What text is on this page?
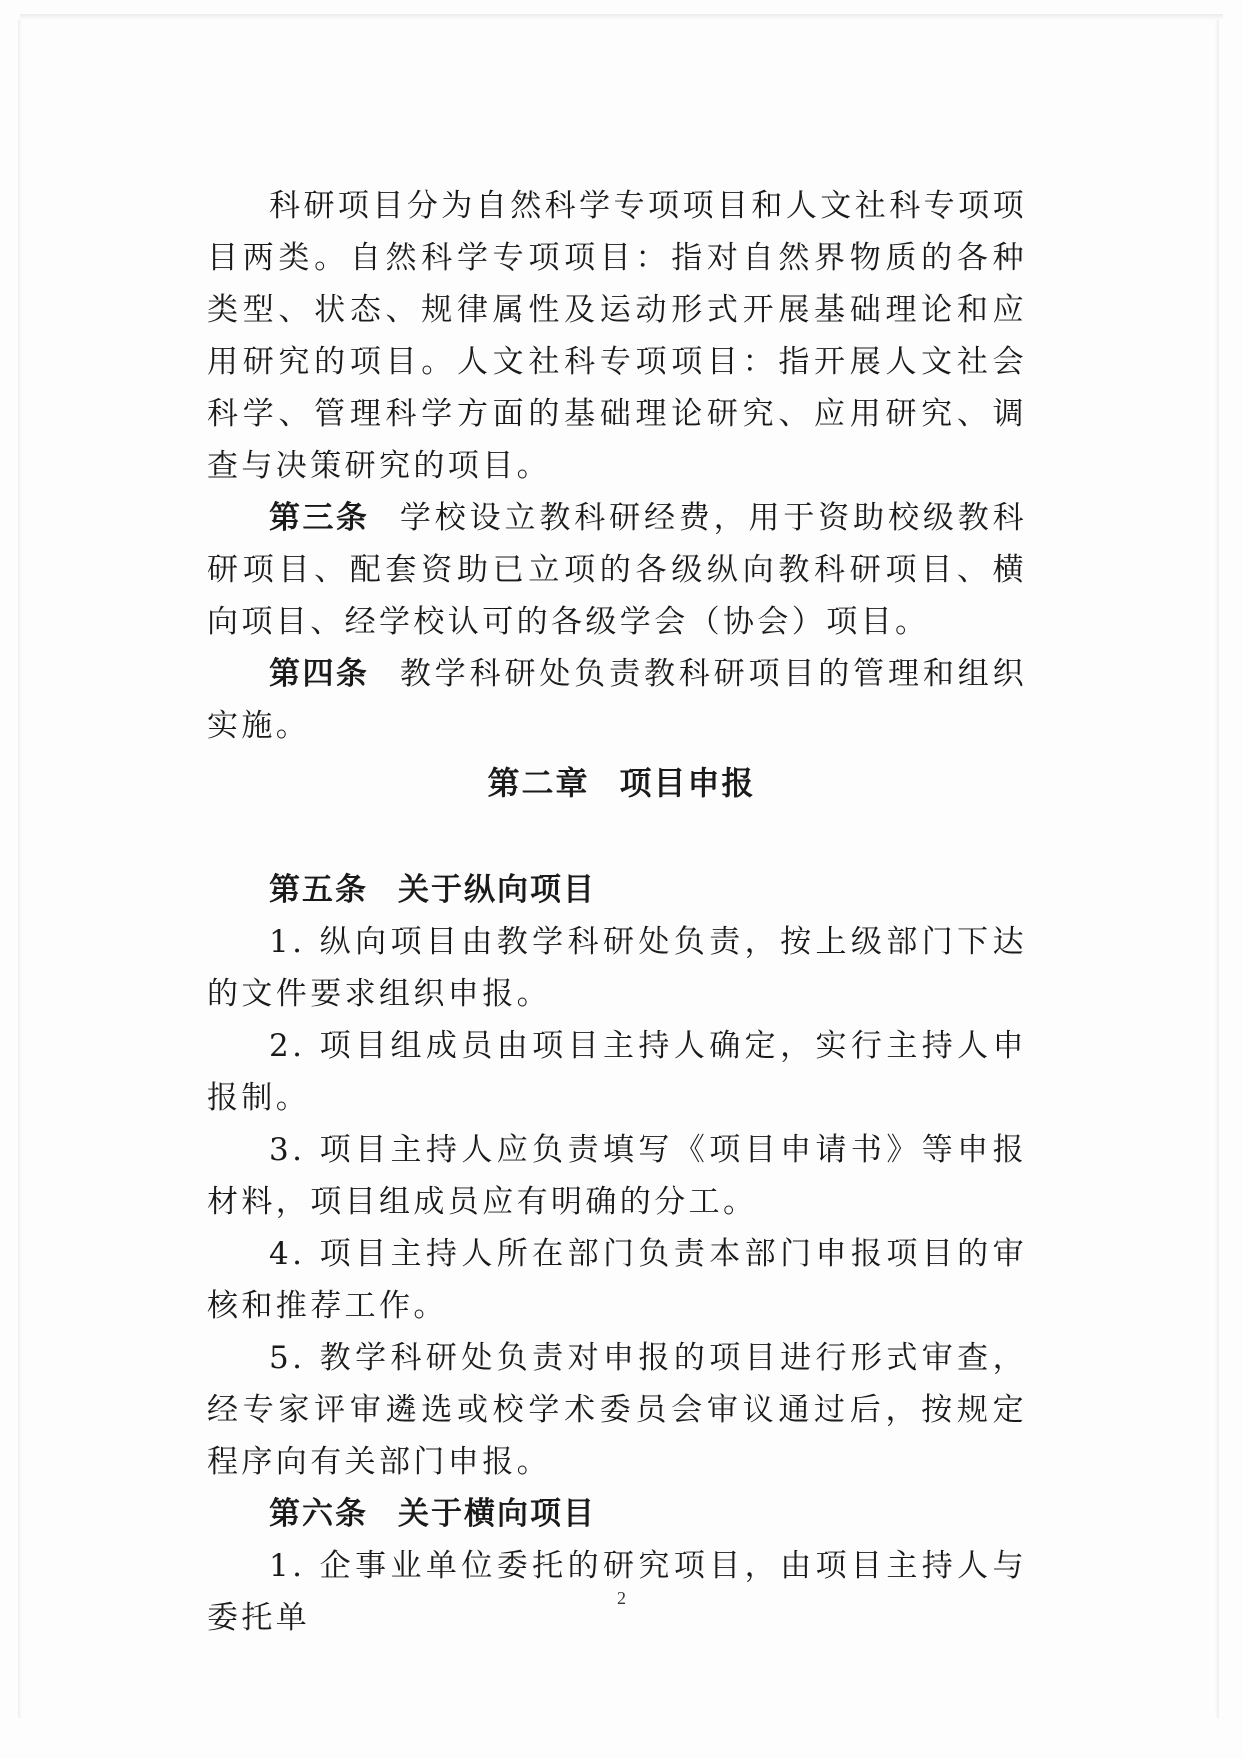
科研项目分为自然科学专项项目和人文社科专项项目两类。自然科学专项项目：指对自然界物质的各种类型、状态、规律属性及运动形式开展基础理论和应用研究的项目。人文社科专项项目：指开展人文社会科学、管理科学方面的基础理论研究、应用研究、调查与决策研究的项目。

第三条 学校设立教科研经费，用于资助校级教科研项目、配套资助已立项的各级纵向教科研项目、横向项目、经学校认可的各级学会（协会）项目。

第四条 教学科研处负责教科研项目的管理和组织实施。

第二章 项目申报

第五条 关于纵向项目

1. 纵向项目由教学科研处负责，按上级部门下达的文件要求组织申报。

2. 项目组成员由项目主持人确定，实行主持人申报制。

3. 项目主持人应负责填写《项目申请书》等申报材料，项目组成员应有明确的分工。

4. 项目主持人所在部门负责本部门申报项目的审核和推荐工作。

5. 教学科研处负责对申报的项目进行形式审查，经专家评审遴选或校学术委员会审议通过后，按规定程序向有关部门申报。

第六条 关于横向项目

1. 企事业单位委托的研究项目，由项目主持人与委托单

2
